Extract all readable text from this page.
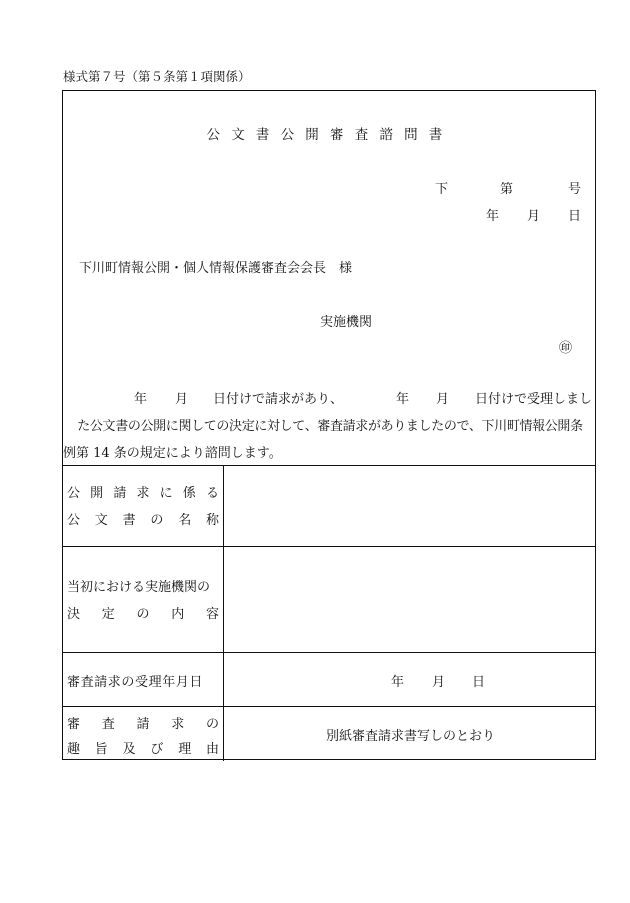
様式第７号（第５条第１項関係）
公文書公開審査諮問書
下	第	号
年 月 日
下川町情報公開・個人情報保護審査会会長　様
実施機関
㊞
年 月 日付けで請求があり、	年 月 日付けで受理しまし
た公文書の公開に関しての決定に対して、審査請求がありましたので、下川町情報公開条
例第 14 条の規定により諮問します。
公 開 請 求 に 係 る
公 文 書 の 名 称
当初における実施機関の
決 定 の 内 容
審査請求の受理年月日	年 月 日
審 査 請 求 の
趣 旨 及 び 理 由
別紙審査請求書写しのとおり
